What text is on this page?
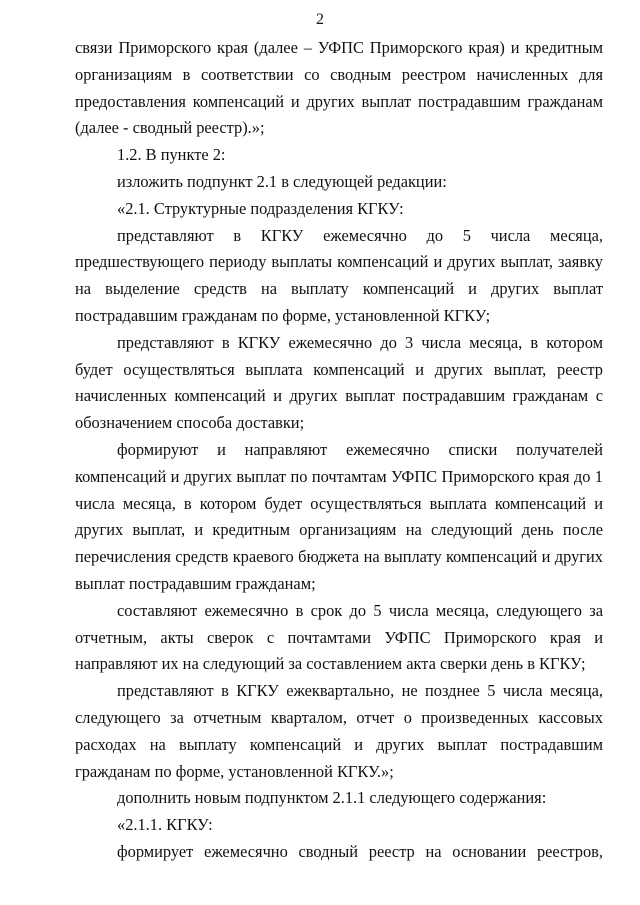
2

связи Приморского края (далее – УФПС Приморского края) и кредитным организациям в соответствии со сводным реестром начисленных для предоставления компенсаций и других выплат пострадавшим гражданам (далее - сводный реестр).»;

1.2. В пункте 2:

изложить подпункт 2.1 в следующей редакции:

«2.1. Структурные подразделения КГКУ:

представляют в КГКУ ежемесячно до 5 числа месяца, предшествующего периоду выплаты компенсаций и других выплат, заявку на выделение средств на выплату компенсаций и других выплат пострадавшим гражданам по форме, установленной КГКУ;

представляют в КГКУ ежемесячно до 3 числа месяца, в котором будет осуществляться выплата компенсаций и других выплат, реестр начисленных компенсаций и других выплат пострадавшим гражданам с обозначением способа доставки;

формируют и направляют ежемесячно списки получателей компенсаций и других выплат по почтамтам УФПС Приморского края до 1 числа месяца, в котором будет осуществляться выплата компенсаций и других выплат, и кредитным организациям на следующий день после перечисления средств краевого бюджета на выплату компенсаций и других выплат пострадавшим гражданам;

составляют ежемесячно в срок до 5 числа месяца, следующего за отчетным, акты сверок с почтамтами УФПС Приморского края и направляют их на следующий за составлением акта сверки день в КГКУ;

представляют в КГКУ ежеквартально, не позднее 5 числа месяца, следующего за отчетным кварталом, отчет о произведенных кассовых расходах на выплату компенсаций и других выплат пострадавшим гражданам по форме, установленной КГКУ.»;

дополнить новым подпунктом 2.1.1 следующего содержания:

«2.1.1. КГКУ:

формирует ежемесячно сводный реестр на основании реестров,
